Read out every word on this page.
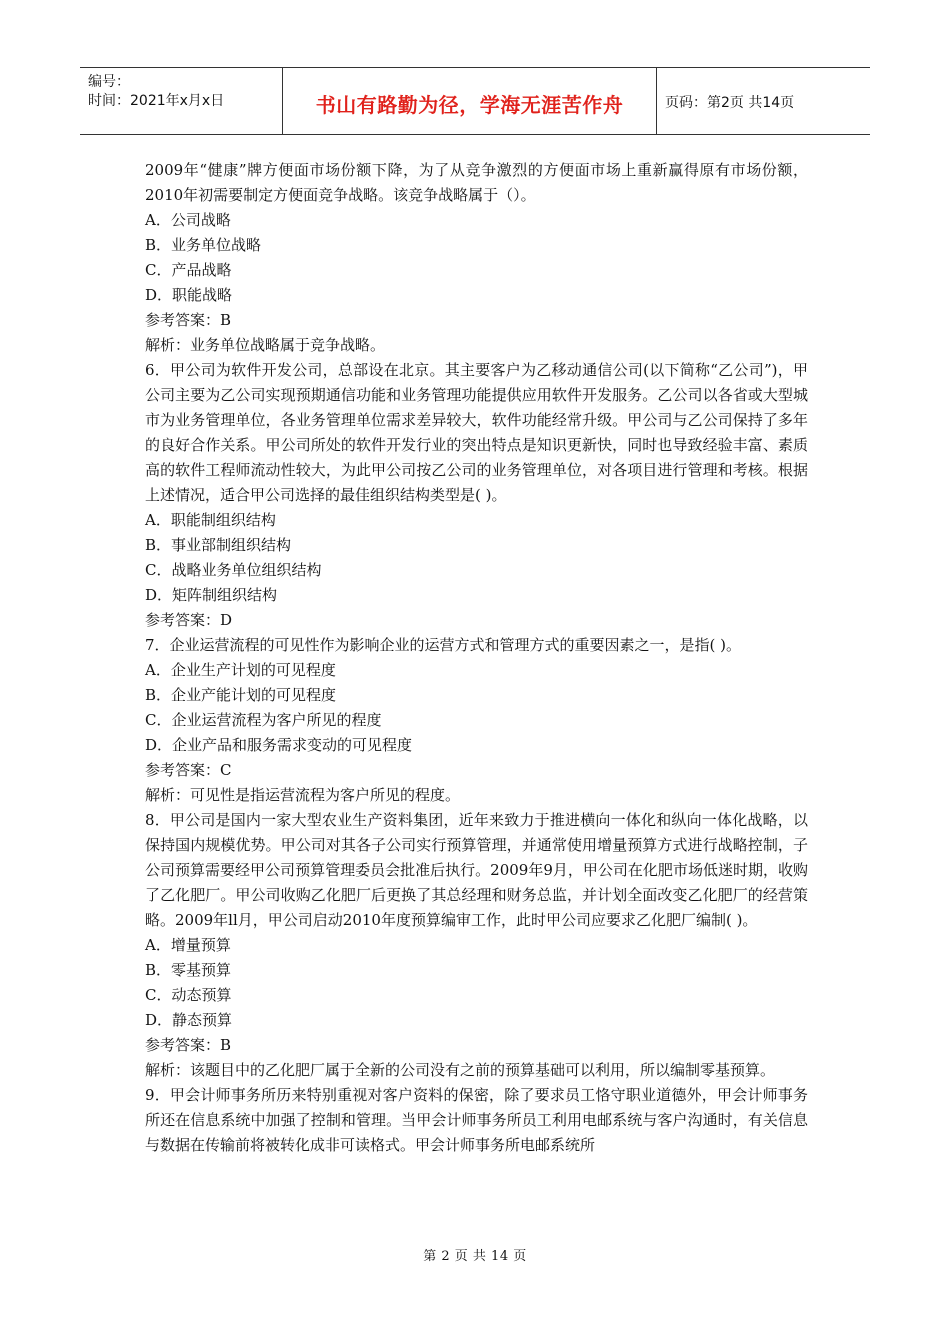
编号：
时间：2021年x月x日	书山有路勤为径，学海无涯苦作舟	页码：第2页 共14页

2009年“健康”牌方便面市场份额下降，为了从竞争激烈的方便面市场上重新赢得原有市场份额，2010年初需要制定方便面竞争战略。该竞争战略属于（）。

A．公司战略

B．业务单位战略

C．产品战略

D．职能战略

参考答案：B

解析：业务单位战略属于竞争战略。

6．甲公司为软件开发公司，总部设在北京。其主要客户为乙移动通信公司(以下简称“乙公司”)，甲公司主要为乙公司实现预期通信功能和业务管理功能提供应用软件开发服务。乙公司以各省或大型城市为业务管理单位，各业务管理单位需求差异较大，软件功能经常升级。甲公司与乙公司保持了多年的良好合作关系。甲公司所处的软件开发行业的突出特点是知识更新快，同时也导致经验丰富、素质高的软件工程师流动性较大，为此甲公司按乙公司的业务管理单位，对各项目进行管理和考核。根据上述情况，适合甲公司选择的最佳组织结构类型是( )。

A．职能制组织结构

B．事业部制组织结构

C．战略业务单位组织结构

D．矩阵制组织结构

参考答案：D

7．企业运营流程的可见性作为影响企业的运营方式和管理方式的重要因素之一，是指( )。

A．企业生产计划的可见程度

B．企业产能计划的可见程度

C．企业运营流程为客户所见的程度

D．企业产品和服务需求变动的可见程度

参考答案：C

解析：可见性是指运营流程为客户所见的程度。

8．甲公司是国内一家大型农业生产资料集团，近年来致力于推进横向一体化和纵向一体化战略，以保持国内规模优势。甲公司对其各子公司实行预算管理，并通常使用增量预算方式进行战略控制，子公司预算需要经甲公司预算管理委员会批准后执行。2009年9月，甲公司在化肥市场低迷时期，收购了乙化肥厂。甲公司收购乙化肥厂后更换了其总经理和财务总监，并计划全面改变乙化肥厂的经营策略。2009年ll月，甲公司启动2010年度预算编审工作，此时甲公司应要求乙化肥厂编制( )。

A．增量预算

B．零基预算

C．动态预算

D．静态预算

参考答案：B

解析：该题目中的乙化肥厂属于全新的公司没有之前的预算基础可以利用，所以编制零基预算。

9．甲会计师事务所历来特别重视对客户资料的保密，除了要求员工恪守职业道德外，甲会计师事务所还在信息系统中加强了控制和管理。当甲会计师事务所员工利用电邮系统与客户沟通时，有关信息与数据在传输前将被转化成非可读格式。甲会计师事务所电邮系统所

第 2 页 共 14 页
